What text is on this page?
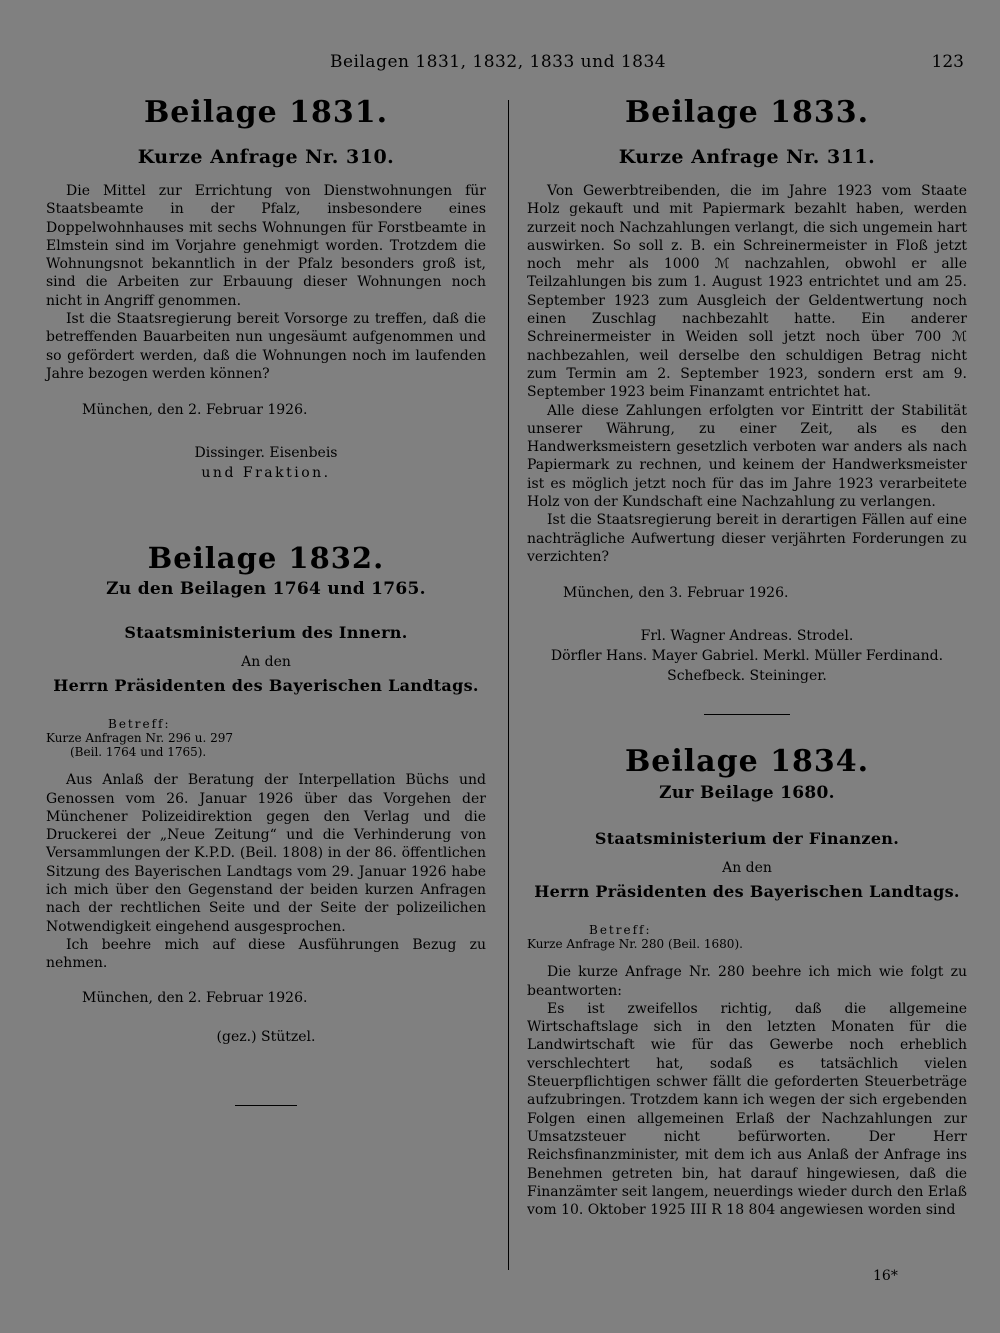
Beilagen 1831, 1832, 1833 und 1834	123
Beilage 1831.
Kurze Anfrage Nr. 310.

Die Mittel zur Errichtung von Dienstwohnungen für Staatsbeamte in der Pfalz, insbesondere eines Doppelwohnhauses mit sechs Wohnungen für Forstbeamte in Elmstein sind im Vorjahre genehmigt worden. Trotzdem die Wohnungsnot bekanntlich in der Pfalz besonders groß ist, sind die Arbeiten zur Erbauung dieser Wohnungen noch nicht in Angriff genommen.

Ist die Staatsregierung bereit Vorsorge zu treffen, daß die betreffenden Bauarbeiten nun ungesäumt aufgenommen und so gefördert werden, daß die Wohnungen noch im laufenden Jahre bezogen werden können?

München, den 2. Februar 1926.

Dissinger. Eisenbeis

und Fraktion.

Beilage 1832.
Zu den Beilagen 1764 und 1765.
Staatsministerium des Innern.

An den

Herrn Präsidenten des Bayerischen Landtags.

Betreff:

Kurze Anfragen Nr. 296 u. 297

(Beil. 1764 und 1765).

Aus Anlaß der Beratung der Interpellation Büchs und Genossen vom 26. Januar 1926 über das Vorgehen der Münchener Polizeidirektion gegen den Verlag und die Druckerei der „Neue Zeitung“ und die Verhinderung von Versammlungen der K.P.D. (Beil. 1808) in der 86. öffentlichen Sitzung des Bayerischen Landtags vom 29. Januar 1926 habe ich mich über den Gegenstand der beiden kurzen Anfragen nach der rechtlichen Seite und der Seite der polizeilichen Notwendigkeit eingehend ausgesprochen.

Ich beehre mich auf diese Ausführungen Bezug zu nehmen.

München, den 2. Februar 1926.

(gez.) Stützel.

Beilage 1833.
Kurze Anfrage Nr. 311.

Von Gewerbtreibenden, die im Jahre 1923 vom Staate Holz gekauft und mit Papiermark bezahlt haben, werden zurzeit noch Nachzahlungen verlangt, die sich ungemein hart auswirken. So soll z. B. ein Schreinermeister in Floß jetzt noch mehr als 1000 ℳ nachzahlen, obwohl er alle Teilzahlungen bis zum 1. August 1923 entrichtet und am 25. September 1923 zum Ausgleich der Geldentwertung noch einen Zuschlag nachbezahlt hatte. Ein anderer Schreinermeister in Weiden soll jetzt noch über 700 ℳ nachbezahlen, weil derselbe den schuldigen Betrag nicht zum Termin am 2. September 1923, sondern erst am 9. September 1923 beim Finanzamt entrichtet hat.

Alle diese Zahlungen erfolgten vor Eintritt der Stabilität unserer Währung, zu einer Zeit, als es den Handwerksmeistern gesetzlich verboten war anders als nach Papiermark zu rechnen, und keinem der Handwerksmeister ist es möglich jetzt noch für das im Jahre 1923 verarbeitete Holz von der Kundschaft eine Nachzahlung zu verlangen.

Ist die Staatsregierung bereit in derartigen Fällen auf eine nachträgliche Aufwertung dieser verjährten Forderungen zu verzichten?

München, den 3. Februar 1926.

Frl. Wagner Andreas. Strodel.

Dörfler Hans. Mayer Gabriel. Merkl. Müller Ferdinand.

Schefbeck. Steininger.

Beilage 1834.
Zur Beilage 1680.
Staatsministerium der Finanzen.

An den

Herrn Präsidenten des Bayerischen Landtags.

Betreff:

Kurze Anfrage Nr. 280 (Beil. 1680).

Die kurze Anfrage Nr. 280 beehre ich mich wie folgt zu beantworten:

Es ist zweifellos richtig, daß die allgemeine Wirtschaftslage sich in den letzten Monaten für die Landwirtschaft wie für das Gewerbe noch erheblich verschlechtert hat, sodaß es tatsächlich vielen Steuerpflichtigen schwer fällt die geforderten Steuerbeträge aufzubringen. Trotzdem kann ich wegen der sich ergebenden Folgen einen allgemeinen Erlaß der Nachzahlungen zur Umsatzsteuer nicht befürworten. Der Herr Reichsfinanzminister, mit dem ich aus Anlaß der Anfrage ins Benehmen getreten bin, hat darauf hingewiesen, daß die Finanzämter seit langem, neuerdings wieder durch den Erlaß vom 10. Oktober 1925 III R 18 804 angewiesen worden sind

16*
